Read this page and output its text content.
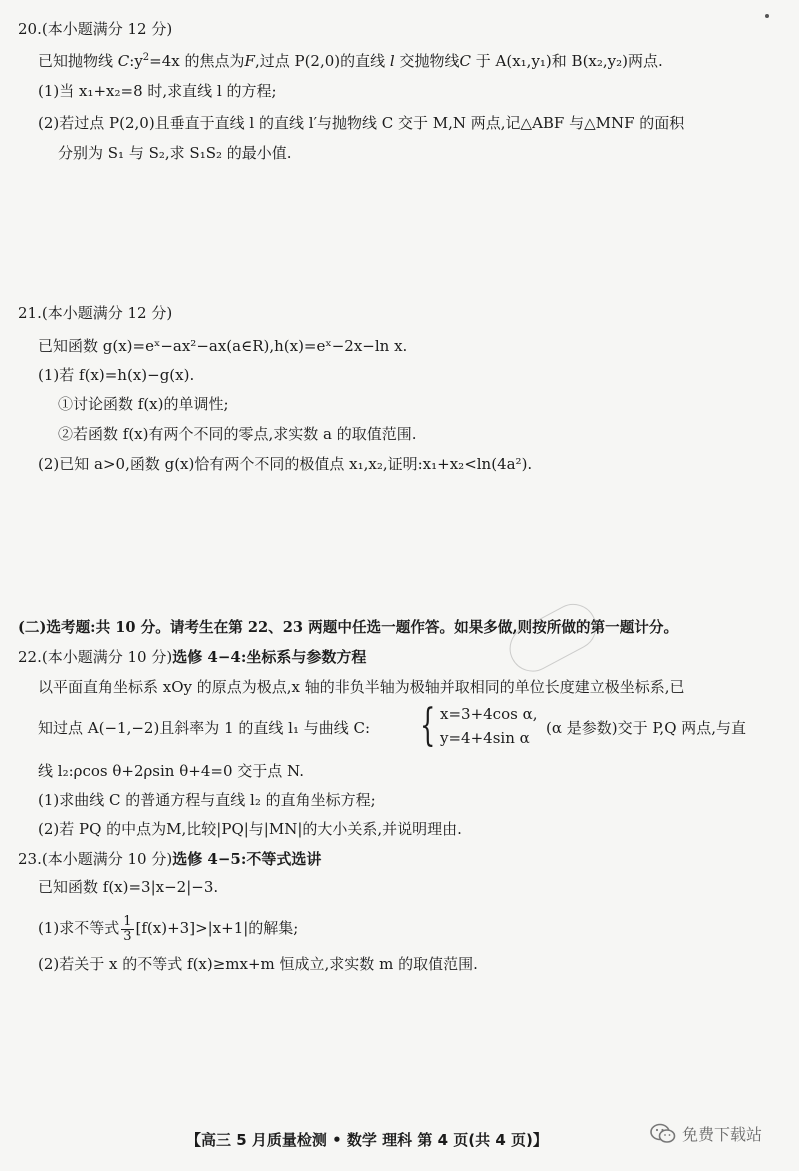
20.(本小题满分 12 分)
已知抛物线 $C:y^2=4x$ 的焦点为F,过点 P(2,0)的直线 l 交抛物线C 于 A(x₁,y₁)和 B(x₂,y₂)两点.
(1)当 x₁+x₂=8 时,求直线 l 的方程;
(2)若过点 P(2,0)且垂直于直线 l 的直线 l′与抛物线 C 交于 M,N 两点,记△ABF 与△MNF 的面积
分别为 S₁ 与 S₂,求 S₁S₂ 的最小值.
21.(本小题满分 12 分)
已知函数 g(x)=eˣ−ax²−ax(a∈R),h(x)=eˣ−2x−ln x.
(1)若 f(x)=h(x)−g(x).
①讨论函数 f(x)的单调性;
②若函数 f(x)有两个不同的零点,求实数 a 的取值范围.
(2)已知 a>0,函数 g(x)恰有两个不同的极值点 x₁,x₂,证明:x₁+x₂<ln(4a²).
(二)选考题:共 10 分。请考生在第 22、23 两题中任选一题作答。如果多做,则按所做的第一题计分。
22.(本小题满分 10 分)选修 4−4:坐标系与参数方程
以平面直角坐标系 xOy 的原点为极点,x 轴的非负半轴为极轴并取相同的单位长度建立极坐标系,已
知过点 A(−1,−2)且斜率为 1 的直线 l₁ 与曲线 C: { x=3+4cos α,
y=4+4sin α
(α 是参数)交于 P,Q 两点,与直
线 l₂:ρcos θ+2ρsin θ+4=0 交于点 N.
(1)求曲线 C 的普通方程与直线 l₂ 的直角坐标方程;
(2)若 PQ 的中点为M,比较|PQ|与|MN|的大小关系,并说明理由.
23.(本小题满分 10 分)选修 4−5:不等式选讲
已知函数 f(x)=3|x−2|−3.
(1)求不等式 $\frac{1}{3} [f(x)+3]>|x+1|$的解集;
(2)若关于 x 的不等式 f(x)≥mx+m 恒成立,求实数 m 的取值范围.
【高三 5 月质量检测 • 数学 理科 第 4 页(共 4 页)】	免费下载站
